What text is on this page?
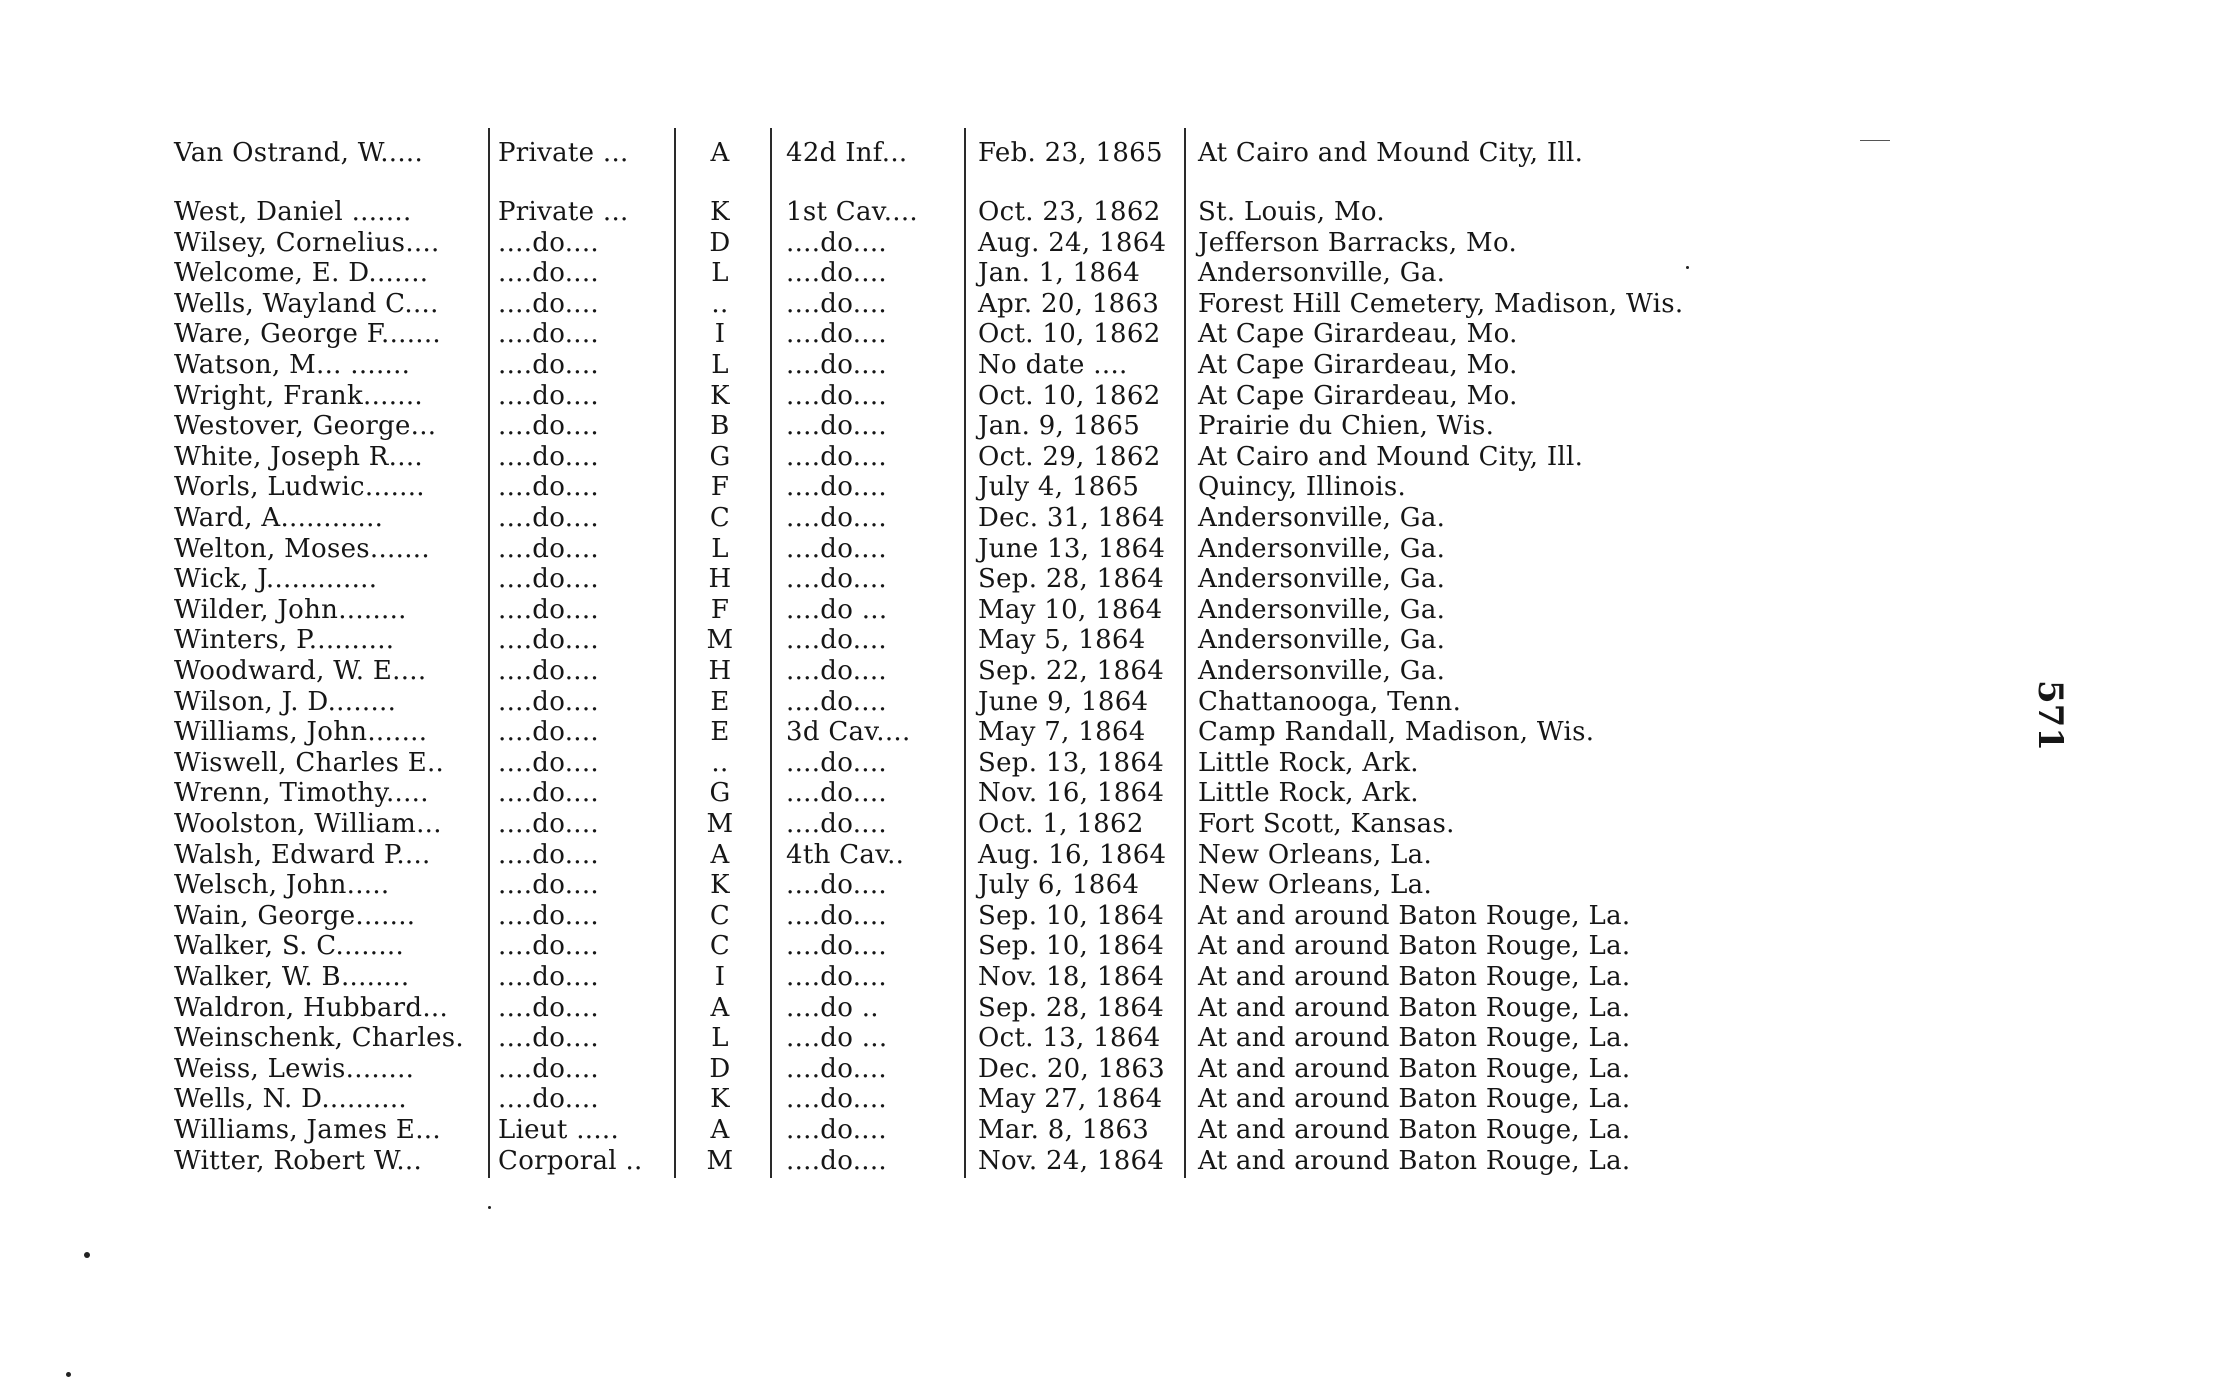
Van Ostrand, W.....	Private ...	A	42d Inf...	Feb. 23, 1865	At Cairo and Mound City, Ill.
West, Daniel .......	Private ...	K	1st Cav....	Oct. 23, 1862	St. Louis, Mo.
Wilsey, Cornelius....	....do....	D	....do....	Aug. 24, 1864	Jefferson Barracks, Mo.
Welcome, E. D.......	....do....	L	....do....	Jan. 1, 1864	Andersonville, Ga.
Wells, Wayland C....	....do....	..	....do....	Apr. 20, 1863	Forest Hill Cemetery, Madison, Wis.
Ware, George F.......	....do....	I	....do....	Oct. 10, 1862	At Cape Girardeau, Mo.
Watson, M... .......	....do....	L	....do....	No date ....	At Cape Girardeau, Mo.
Wright, Frank.......	....do....	K	....do....	Oct. 10, 1862	At Cape Girardeau, Mo.
Westover, George...	....do....	B	....do....	Jan. 9, 1865	Prairie du Chien, Wis.
White, Joseph R....	....do....	G	....do....	Oct. 29, 1862	At Cairo and Mound City, Ill.
Worls, Ludwic.......	....do....	F	....do....	July 4, 1865	Quincy, Illinois.
Ward, A............	....do....	C	....do....	Dec. 31, 1864	Andersonville, Ga.
Welton, Moses.......	....do....	L	....do....	June 13, 1864	Andersonville, Ga.
Wick, J.............	....do....	H	....do....	Sep. 28, 1864	Andersonville, Ga.
Wilder, John........	....do....	F	....do ...	May 10, 1864	Andersonville, Ga.
Winters, P..........	....do....	M ....do....	May 5, 1864	Andersonville, Ga.
Woodward, W. E....	....do....	H	....do....	Sep. 22, 1864	Andersonville, Ga.
Wilson, J. D........	....do....	E	....do....	June 9, 1864	Chattanooga, Tenn.
Williams, John.......	....do....	E	3d Cav....	May 7, 1864	Camp Randall, Madison, Wis.
Wiswell, Charles E..	....do....	..	....do....	Sep. 13, 1864	Little Rock, Ark.
Wrenn, Timothy.....	....do....	G	....do....	Nov. 16, 1864	Little Rock, Ark.
Woolston, William...	....do....	M ....do....	Oct. 1, 1862	Fort Scott, Kansas.
Walsh, Edward P....	....do....	A	4th Cav..	Aug. 16, 1864	New Orleans, La.
Welsch, John.....	....do....	K	....do....	July 6, 1864	New Orleans, La.
Wain, George.......	....do....	C	....do....	Sep. 10, 1864	At and around Baton Rouge, La.
Walker, S. C........	....do....	C	....do....	Sep. 10, 1864	At and around Baton Rouge, La.
Walker, W. B........	....do....	I	....do....	Nov. 18, 1864	At and around Baton Rouge, La.
Waldron, Hubbard...	....do....	A	....do ..	Sep. 28, 1864	At and around Baton Rouge, La.
Weinschenk, Charles.	....do....	L	....do ...	Oct. 13, 1864	At and around Baton Rouge, La.
Weiss, Lewis........	....do....	D	....do....	Dec. 20, 1863	At and around Baton Rouge, La.
Wells, N. D..........	....do....	K	....do....	May 27, 1864	At and around Baton Rouge, La.
Williams, James E...	Lieut .....	A	....do....	Mar. 8, 1863	At and around Baton Rouge, La.
Witter, Robert W...	Corporal ..	M ....do....	Nov. 24, 1864	At and around Baton Rouge, La.
571
